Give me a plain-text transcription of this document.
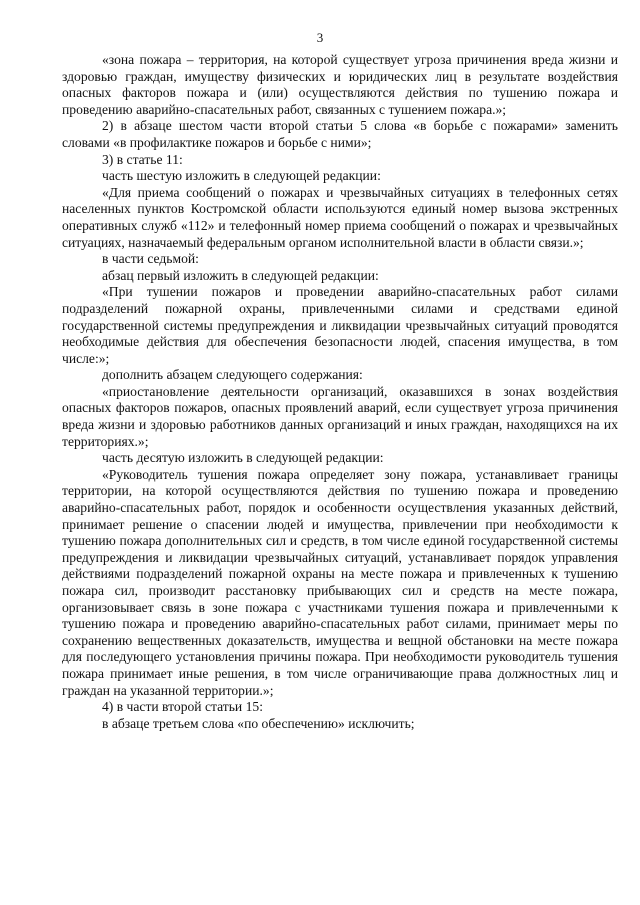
3

«зона пожара – территория, на которой существует угроза причинения вреда жизни и здоровью граждан, имуществу физических и юридических лиц в результате воздействия опасных факторов пожара и (или) осуществляются действия по тушению пожара и проведению аварийно-спасательных работ, связанных с тушением пожара.»;

2) в абзаце шестом части второй статьи 5 слова «в борьбе с пожарами» заменить словами «в профилактике пожаров и борьбе с ними»;

3) в статье 11:

часть шестую изложить в следующей редакции:

«Для приема сообщений о пожарах и чрезвычайных ситуациях в телефонных сетях населенных пунктов Костромской области используются единый номер вызова экстренных оперативных служб «112» и телефонный номер приема сообщений о пожарах и чрезвычайных ситуациях, назначаемый федеральным органом исполнительной власти в области связи.»;

в части седьмой:

абзац первый изложить в следующей редакции:

«При тушении пожаров и проведении аварийно-спасательных работ силами подразделений пожарной охраны, привлеченными силами и средствами единой государственной системы предупреждения и ликвидации чрезвычайных ситуаций проводятся необходимые действия для обеспечения безопасности людей, спасения имущества, в том числе:»;

дополнить абзацем следующего содержания:

«приостановление деятельности организаций, оказавшихся в зонах воздействия опасных факторов пожаров, опасных проявлений аварий, если существует угроза причинения вреда жизни и здоровью работников данных организаций и иных граждан, находящихся на их территориях.»;

часть десятую изложить в следующей редакции:

«Руководитель тушения пожара определяет зону пожара, устанавливает границы территории, на которой осуществляются действия по тушению пожара и проведению аварийно-спасательных работ, порядок и особенности осуществления указанных действий, принимает решение о спасении людей и имущества, привлечении при необходимости к тушению пожара дополнительных сил и средств, в том числе единой государственной системы предупреждения и ликвидации чрезвычайных ситуаций, устанавливает порядок управления действиями подразделений пожарной охраны на месте пожара и привлеченных к тушению пожара сил, производит расстановку прибывающих сил и средств на месте пожара, организовывает связь в зоне пожара с участниками тушения пожара и привлеченными к тушению пожара и проведению аварийно-спасательных работ силами, принимает меры по сохранению вещественных доказательств, имущества и вещной обстановки на месте пожара для последующего установления причины пожара. При необходимости руководитель тушения пожара принимает иные решения, в том числе ограничивающие права должностных лиц и граждан на указанной территории.»;

4) в части второй статьи 15:

в абзаце третьем слова «по обеспечению» исключить;
